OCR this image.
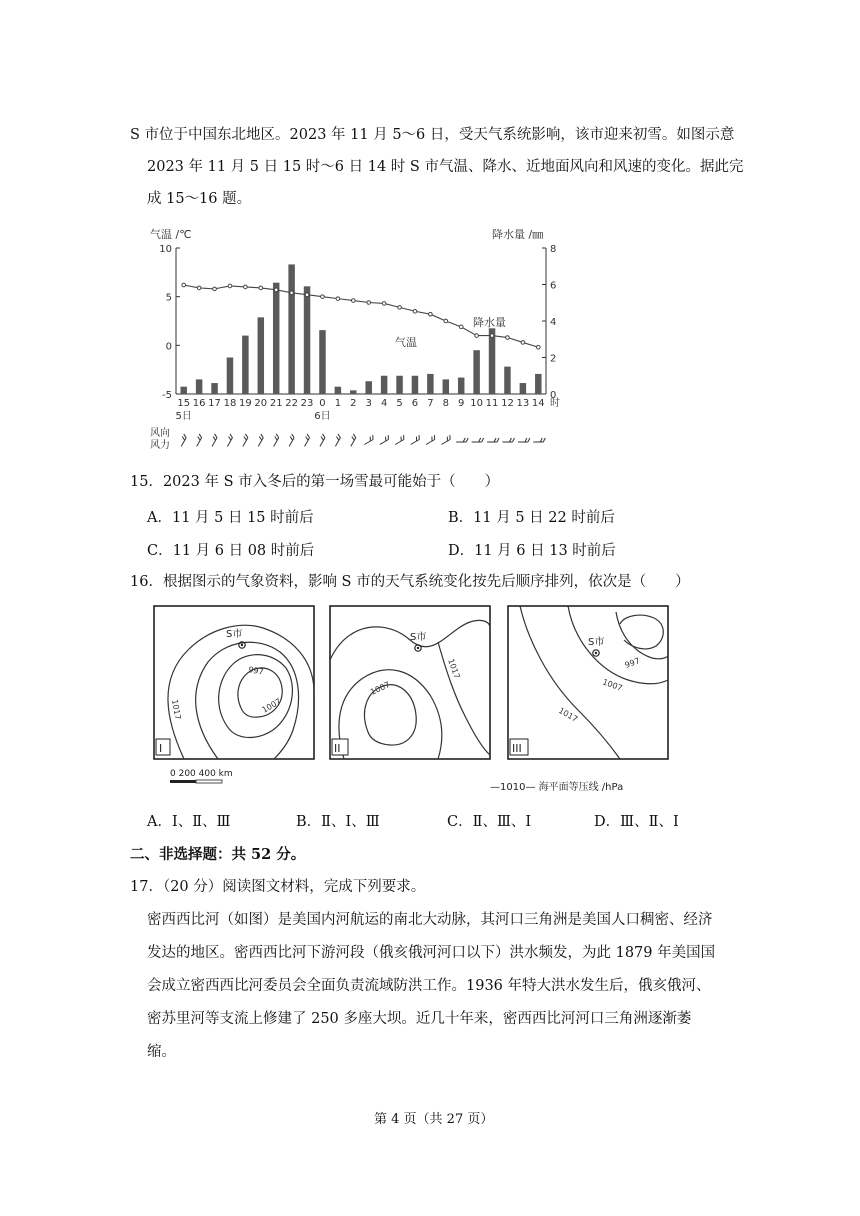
S 市位于中国东北地区。2023 年 11 月 5～6 日，受天气系统影响，该市迎来初雪。如图示意
2023 年 11 月 5 日 15 时～6 日 14 时 S 市气温、降水、近地面风向和风速的变化。据此完
成 15～16 题。
气温 /℃	降水量 /㎜
10
5
0
-5
8
6
4
2
0
气温
降水量
15 16 17 18 19 20 21 22 23 0 1 2 3 4 5 6 7 8 9 10 11 12 13 14 时
5日	6日
风向
风力
15．2023 年 S 市入冬后的第一场雪最可能始于（　　）
A．11 月 5 日 15 时前后	B．11 月 5 日 22 时前后
C．11 月 6 日 08 时前后	D．11 月 6 日 13 时前后
16．根据图示的气象资料，影响 S 市的天气系统变化按先后顺序排列，依次是（　　）
S市
997
1007
1017
I
S市
1007
1017
II
S市
997
1007
1017
III
0 200 400 km
—1010— 海平面等压线 /hPa
A．Ⅰ、Ⅱ、Ⅲ	B．Ⅱ、Ⅰ、Ⅲ	C．Ⅱ、Ⅲ、Ⅰ	D．Ⅲ、Ⅱ、Ⅰ
二、非选择题：共 52 分。
17．（20 分）阅读图文材料，完成下列要求。
密西西比河（如图）是美国内河航运的南北大动脉，其河口三角洲是美国人口稠密、经济
发达的地区。密西西比河下游河段（俄亥俄河河口以下）洪水频发，为此 1879 年美国国
会成立密西西比河委员会全面负责流域防洪工作。1936 年特大洪水发生后，俄亥俄河、
密苏里河等支流上修建了 250 多座大坝。近几十年来，密西西比河河口三角洲逐渐萎
缩。
第 4 页（共 27 页）
